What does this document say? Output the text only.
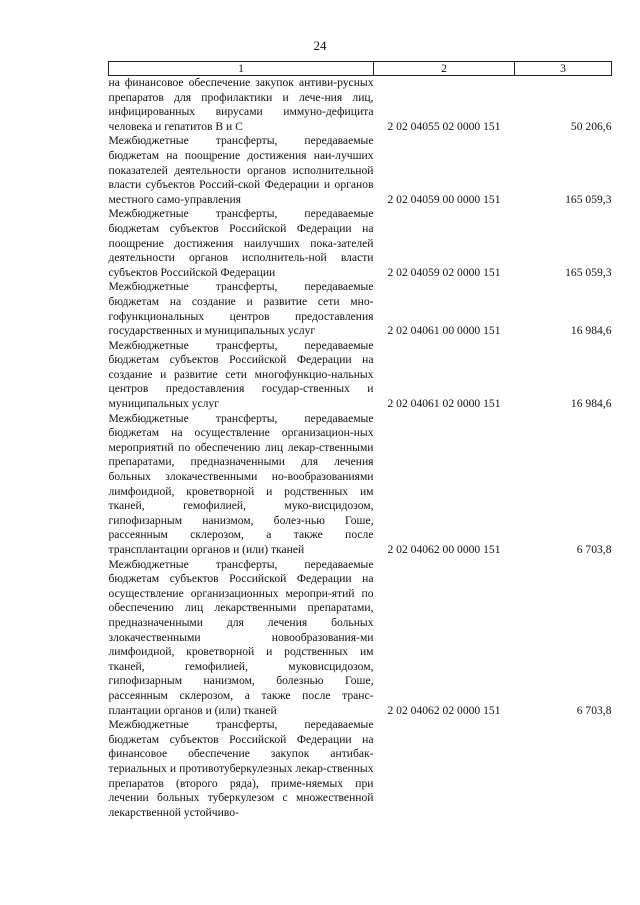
24
1	2	3
на финансовое обеспечение закупок антиви-русных препаратов для профилактики и лече-ния лиц, инфицированных вирусами иммуно-дефицита человека и гепатитов В и С	2 02 04055 02 0000 151	50 206,6
Межбюджетные трансферты, передаваемые бюджетам на поощрение достижения наи-лучших показателей деятельности органов исполнительной власти субъектов Россий-ской Федерации и органов местного само-управления	2 02 04059 00 0000 151	165 059,3
Межбюджетные трансферты, передаваемые бюджетам субъектов Российской Федерации на поощрение достижения наилучших пока-зателей деятельности органов исполнитель-ной власти субъектов Российской Федерации	2 02 04059 02 0000 151	165 059,3
Межбюджетные трансферты, передаваемые бюджетам на создание и развитие сети мно-гофункциональных центров предоставления государственных и муниципальных услуг	2 02 04061 00 0000 151	16 984,6
Межбюджетные трансферты, передаваемые бюджетам субъектов Российской Федерации на создание и развитие сети многофункцио-нальных центров предоставления государ-ственных и муниципальных услуг	2 02 04061 02 0000 151	16 984,6
Межбюджетные трансферты, передаваемые бюджетам на осуществление организацион-ных мероприятий по обеспечению лиц лекар-ственными препаратами, предназначенными для лечения больных злокачественными но-вообразованиями лимфоидной, кроветворной и родственных им тканей, гемофилией, муко-висцидозом, гипофизарным нанизмом, болез-нью Гоше, рассеянным склерозом, а также после трансплантации органов и (или) тканей	2 02 04062 00 0000 151	6 703,8
Межбюджетные трансферты, передаваемые бюджетам субъектов Российской Федерации на осуществление организационных меропри-ятий по обеспечению лиц лекарственными препаратами, предназначенными для лечения больных злокачественными новообразования-ми лимфоидной, кроветворной и родственных им тканей, гемофилией, муковисцидозом, гипофизарным нанизмом, болезнью Гоше, рассеянным склерозом, а также после транс-плантации органов и (или) тканей	2 02 04062 02 0000 151	6 703,8
Межбюджетные трансферты, передаваемые бюджетам субъектов Российской Федерации на финансовое обеспечение закупок антибак-териальных и противотуберкулезных лекар-ственных препаратов (второго ряда), приме-няемых при лечении больных туберкулезом с множественной лекарственной устойчиво-		
